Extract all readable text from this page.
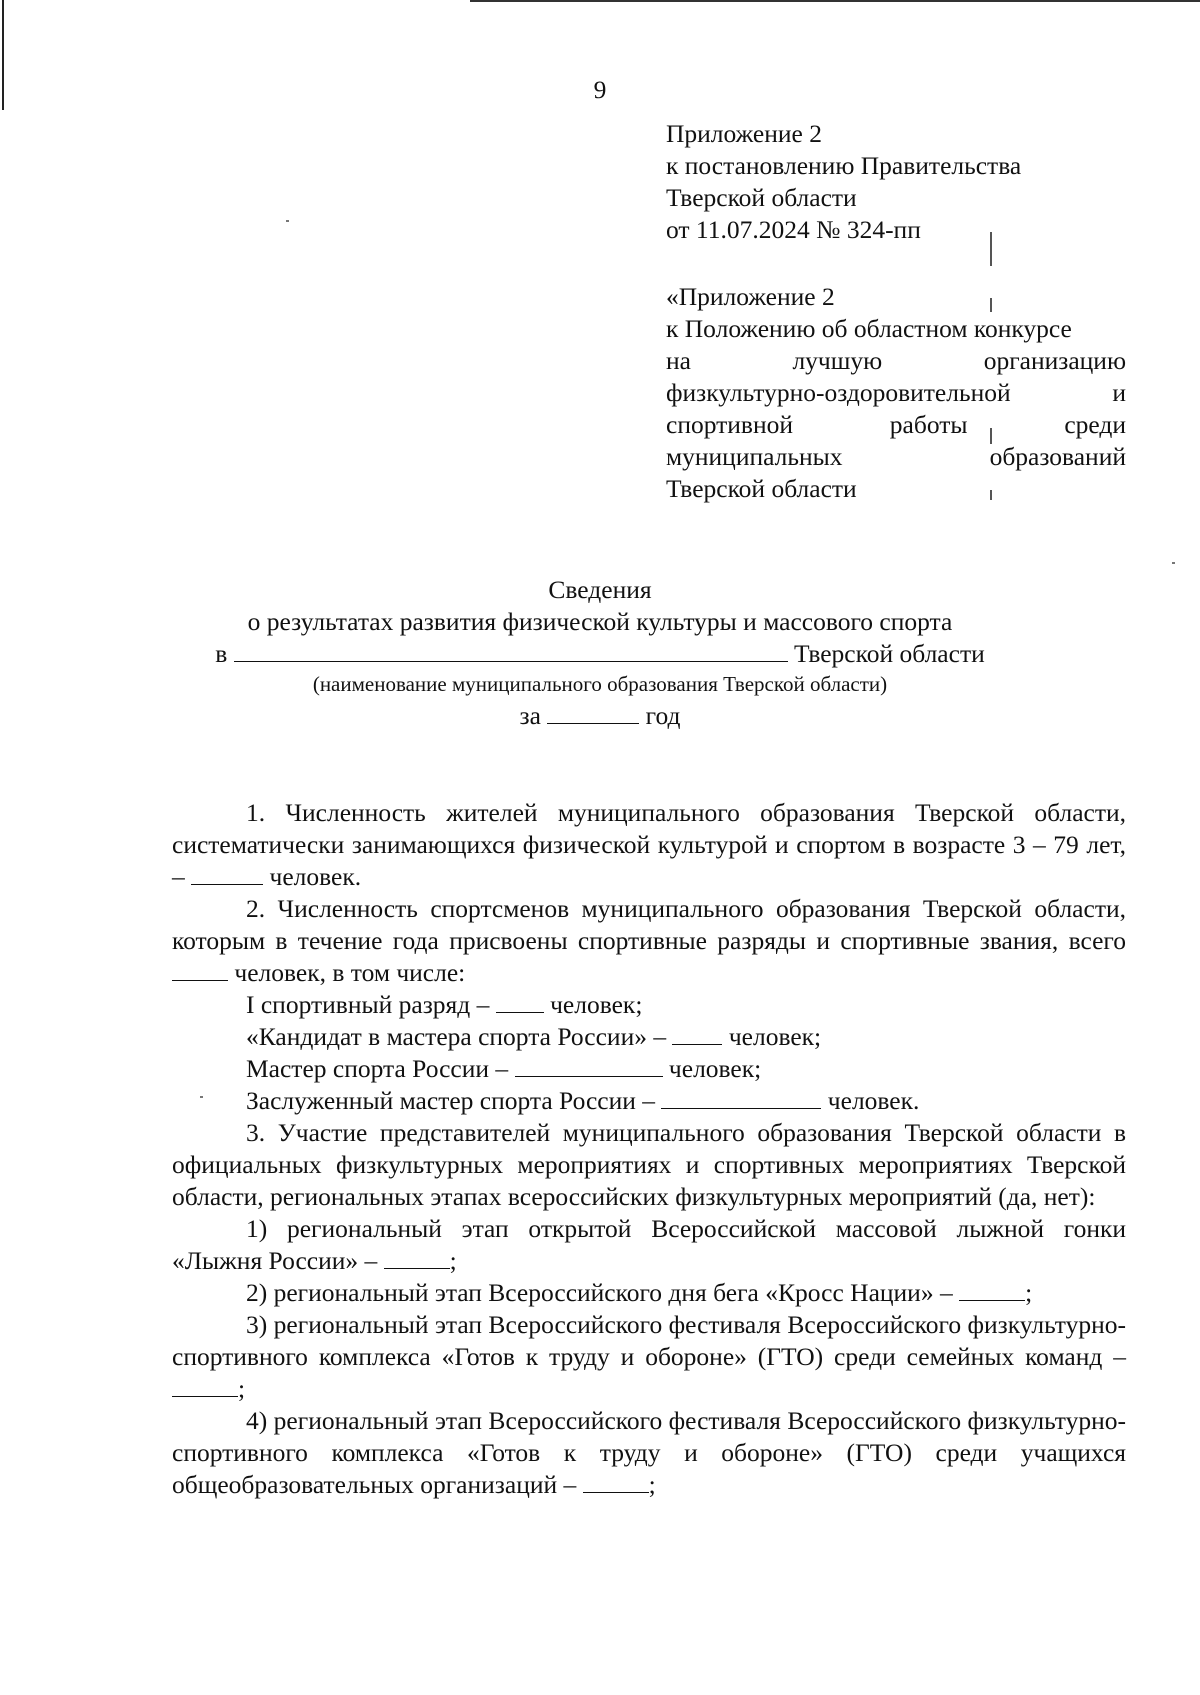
9
Приложение 2
к постановлению Правительства
Тверской области
от 11.07.2024 № 324-пп
«Приложение 2
к Положению об областном конкурсе
на	лучшую	организацию
физкультурно-оздоровительной	и
спортивной	работы	среди
муниципальных	образований
Тверской области
Сведения
о результатах развития физической культуры и массового спорта
в	Тверской области
(наименование муниципального образования Тверской области)
за	год

1. Численность жителей муниципального образования Тверской области, систематически занимающихся физической культурой и спортом в возрасте 3 – 79 лет, –	человек.

2. Численность спортсменов муниципального образования Тверской области, которым в течение года присвоены спортивные разряды и спортивные звания, всего  человек, в том числе:

I спортивный разряд – человек;

«Кандидат в мастера спорта России» – человек;

Мастер спорта России –	человек;

Заслуженный мастер спорта России –	человек.

3. Участие представителей муниципального образования Тверской области в официальных физкультурных мероприятиях и спортивных мероприятиях Тверской области, региональных этапах всероссийских физкультурных мероприятий (да, нет):

1) региональный этап открытой Всероссийской массовой лыжной гонки «Лыжня России» –	;

2) региональный этап Всероссийского дня бега «Кросс Нации» –	;

3) региональный этап Всероссийского фестиваля Всероссийского физкультурно-спортивного комплекса «Готов к труду и обороне» (ГТО) среди семейных команд – ;

4) региональный этап Всероссийского фестиваля Всероссийского физкультурно-спортивного комплекса «Готов к труду и обороне» (ГТО) среди учащихся общеобразовательных организаций –	;
